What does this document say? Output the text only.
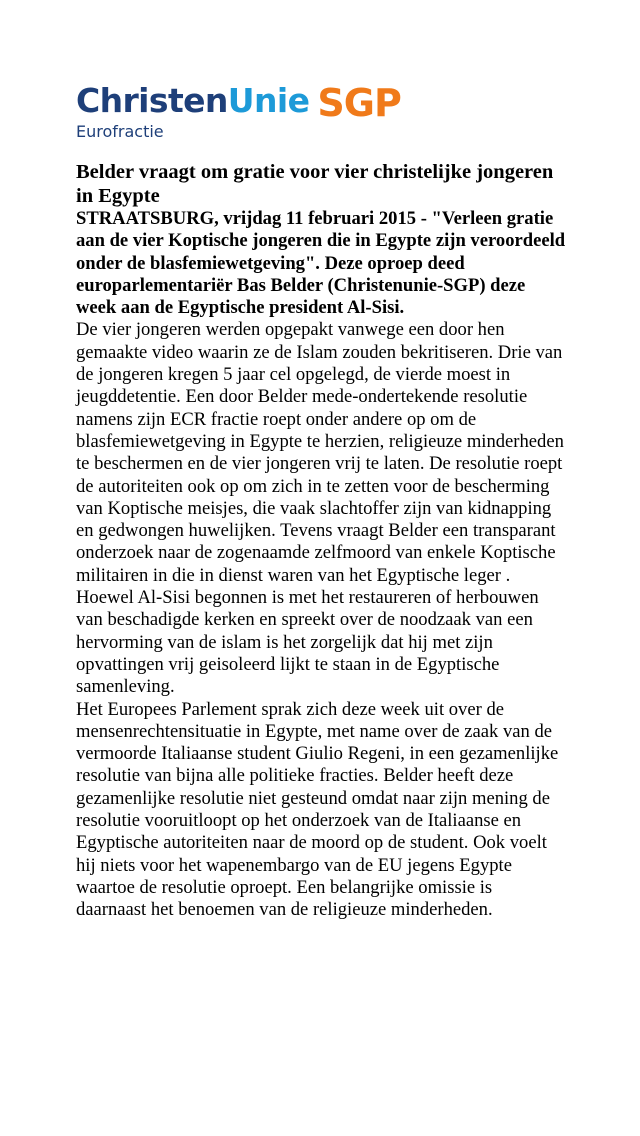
Christen Unie SGP
Eurofractie
Belder vraagt om gratie voor vier christelijke jongeren in Egypte

STRAATSBURG, vrijdag 11 februari 2015 - "Verleen gratie aan de vier Koptische jongeren die in Egypte zijn veroordeeld onder de blasfemiewetgeving". Deze oproep deed europarlementariër Bas Belder (Christenunie-SGP) deze week aan de Egyptische president Al-Sisi.

De vier jongeren werden opgepakt vanwege een door hen gemaakte video waarin ze de Islam zouden bekritiseren. Drie van de jongeren kregen 5 jaar cel opgelegd, de vierde moest in jeugddetentie. Een door Belder mede-ondertekende resolutie namens zijn ECR fractie roept onder andere op om de blasfemiewetgeving in Egypte te herzien, religieuze minderheden te beschermen en de vier jongeren vrij te laten. De resolutie roept de autoriteiten ook op om zich in te zetten voor de bescherming van Koptische meisjes, die vaak slachtoffer zijn van kidnapping en gedwongen huwelijken. Tevens vraagt Belder een transparant onderzoek naar de zogenaamde zelfmoord van enkele Koptische militairen in die in dienst waren van het Egyptische leger .

Hoewel Al-Sisi begonnen is met het restaureren of herbouwen van beschadigde kerken en spreekt over de noodzaak van een hervorming van de islam is het zorgelijk dat hij met zijn opvattingen vrij geisoleerd lijkt te staan in de Egyptische samenleving.

Het Europees Parlement sprak zich deze week uit over de mensenrechtensituatie in Egypte, met name over de zaak van de vermoorde Italiaanse student Giulio Regeni, in een gezamenlijke resolutie van bijna alle politieke fracties. Belder heeft deze gezamenlijke resolutie niet gesteund omdat naar zijn mening de resolutie vooruitloopt op het onderzoek van de Italiaanse en Egyptische autoriteiten naar de moord op de student. Ook voelt hij niets voor het wapenembargo van de EU jegens Egypte waartoe de resolutie oproept. Een belangrijke omissie is daarnaast het benoemen van de religieuze minderheden.
